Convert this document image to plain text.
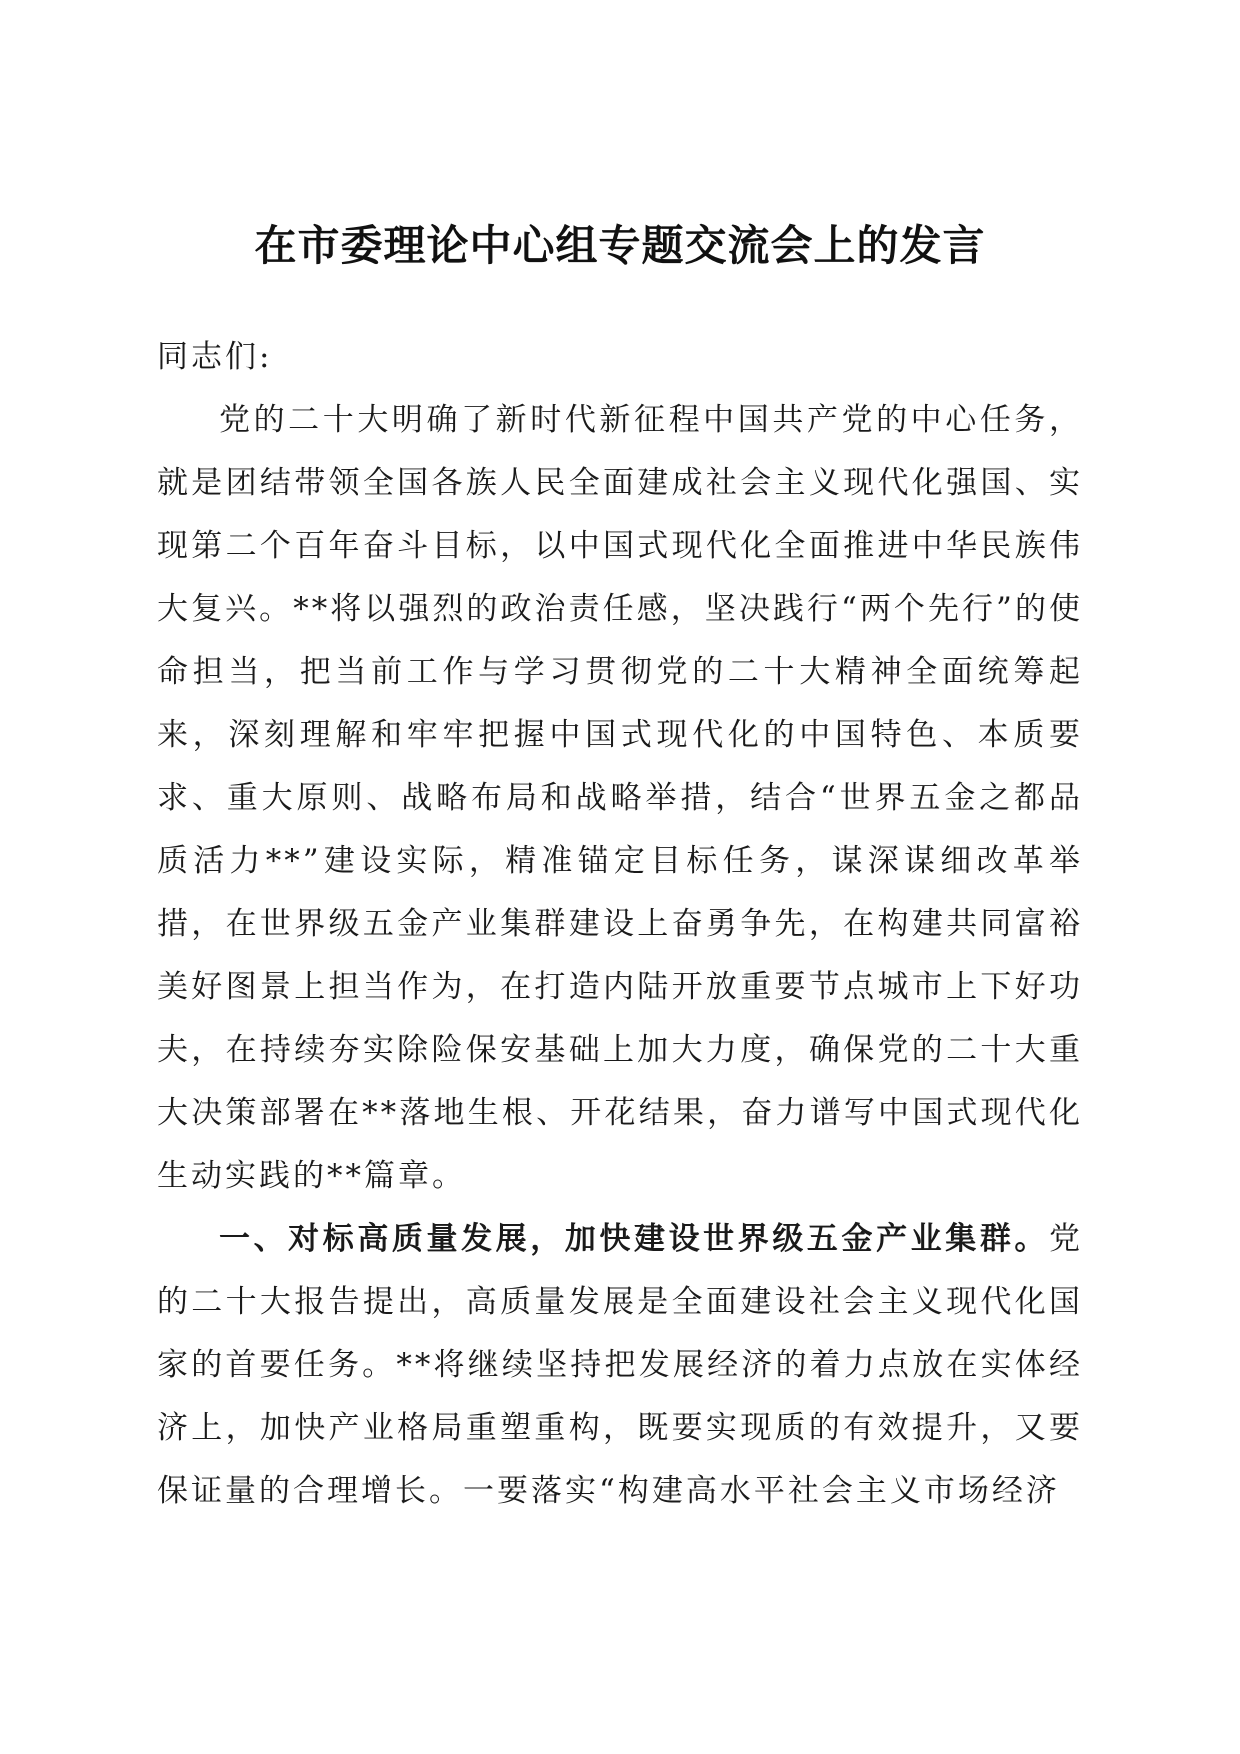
在市委理论中心组专题交流会上的发言

同志们:

党的二十大明确了新时代新征程中国共产党的中心任务，就是团结带领全国各族人民全面建成社会主义现代化强国、实现第二个百年奋斗目标，以中国式现代化全面推进中华民族伟大复兴。**将以强烈的政治责任感，坚决践行“两个先行”的使命担当，把当前工作与学习贯彻党的二十大精神全面统筹起来，深刻理解和牢牢把握中国式现代化的中国特色、本质要求、重大原则、战略布局和战略举措，结合“世界五金之都品质活力**”建设实际，精准锚定目标任务，谋深谋细改革举措，在世界级五金产业集群建设上奋勇争先，在构建共同富裕美好图景上担当作为，在打造内陆开放重要节点城市上下好功夫，在持续夯实除险保安基础上加大力度，确保党的二十大重大决策部署在**落地生根、开花结果，奋力谱写中国式现代化生动实践的**篇章。

一、对标高质量发展，加快建设世界级五金产业集群。党的二十大报告提出，高质量发展是全面建设社会主义现代化国家的首要任务。**将继续坚持把发展经济的着力点放在实体经济上，加快产业格局重塑重构，既要实现质的有效提升，又要保证量的合理增长。一要落实“构建高水平社会主义市场经济
